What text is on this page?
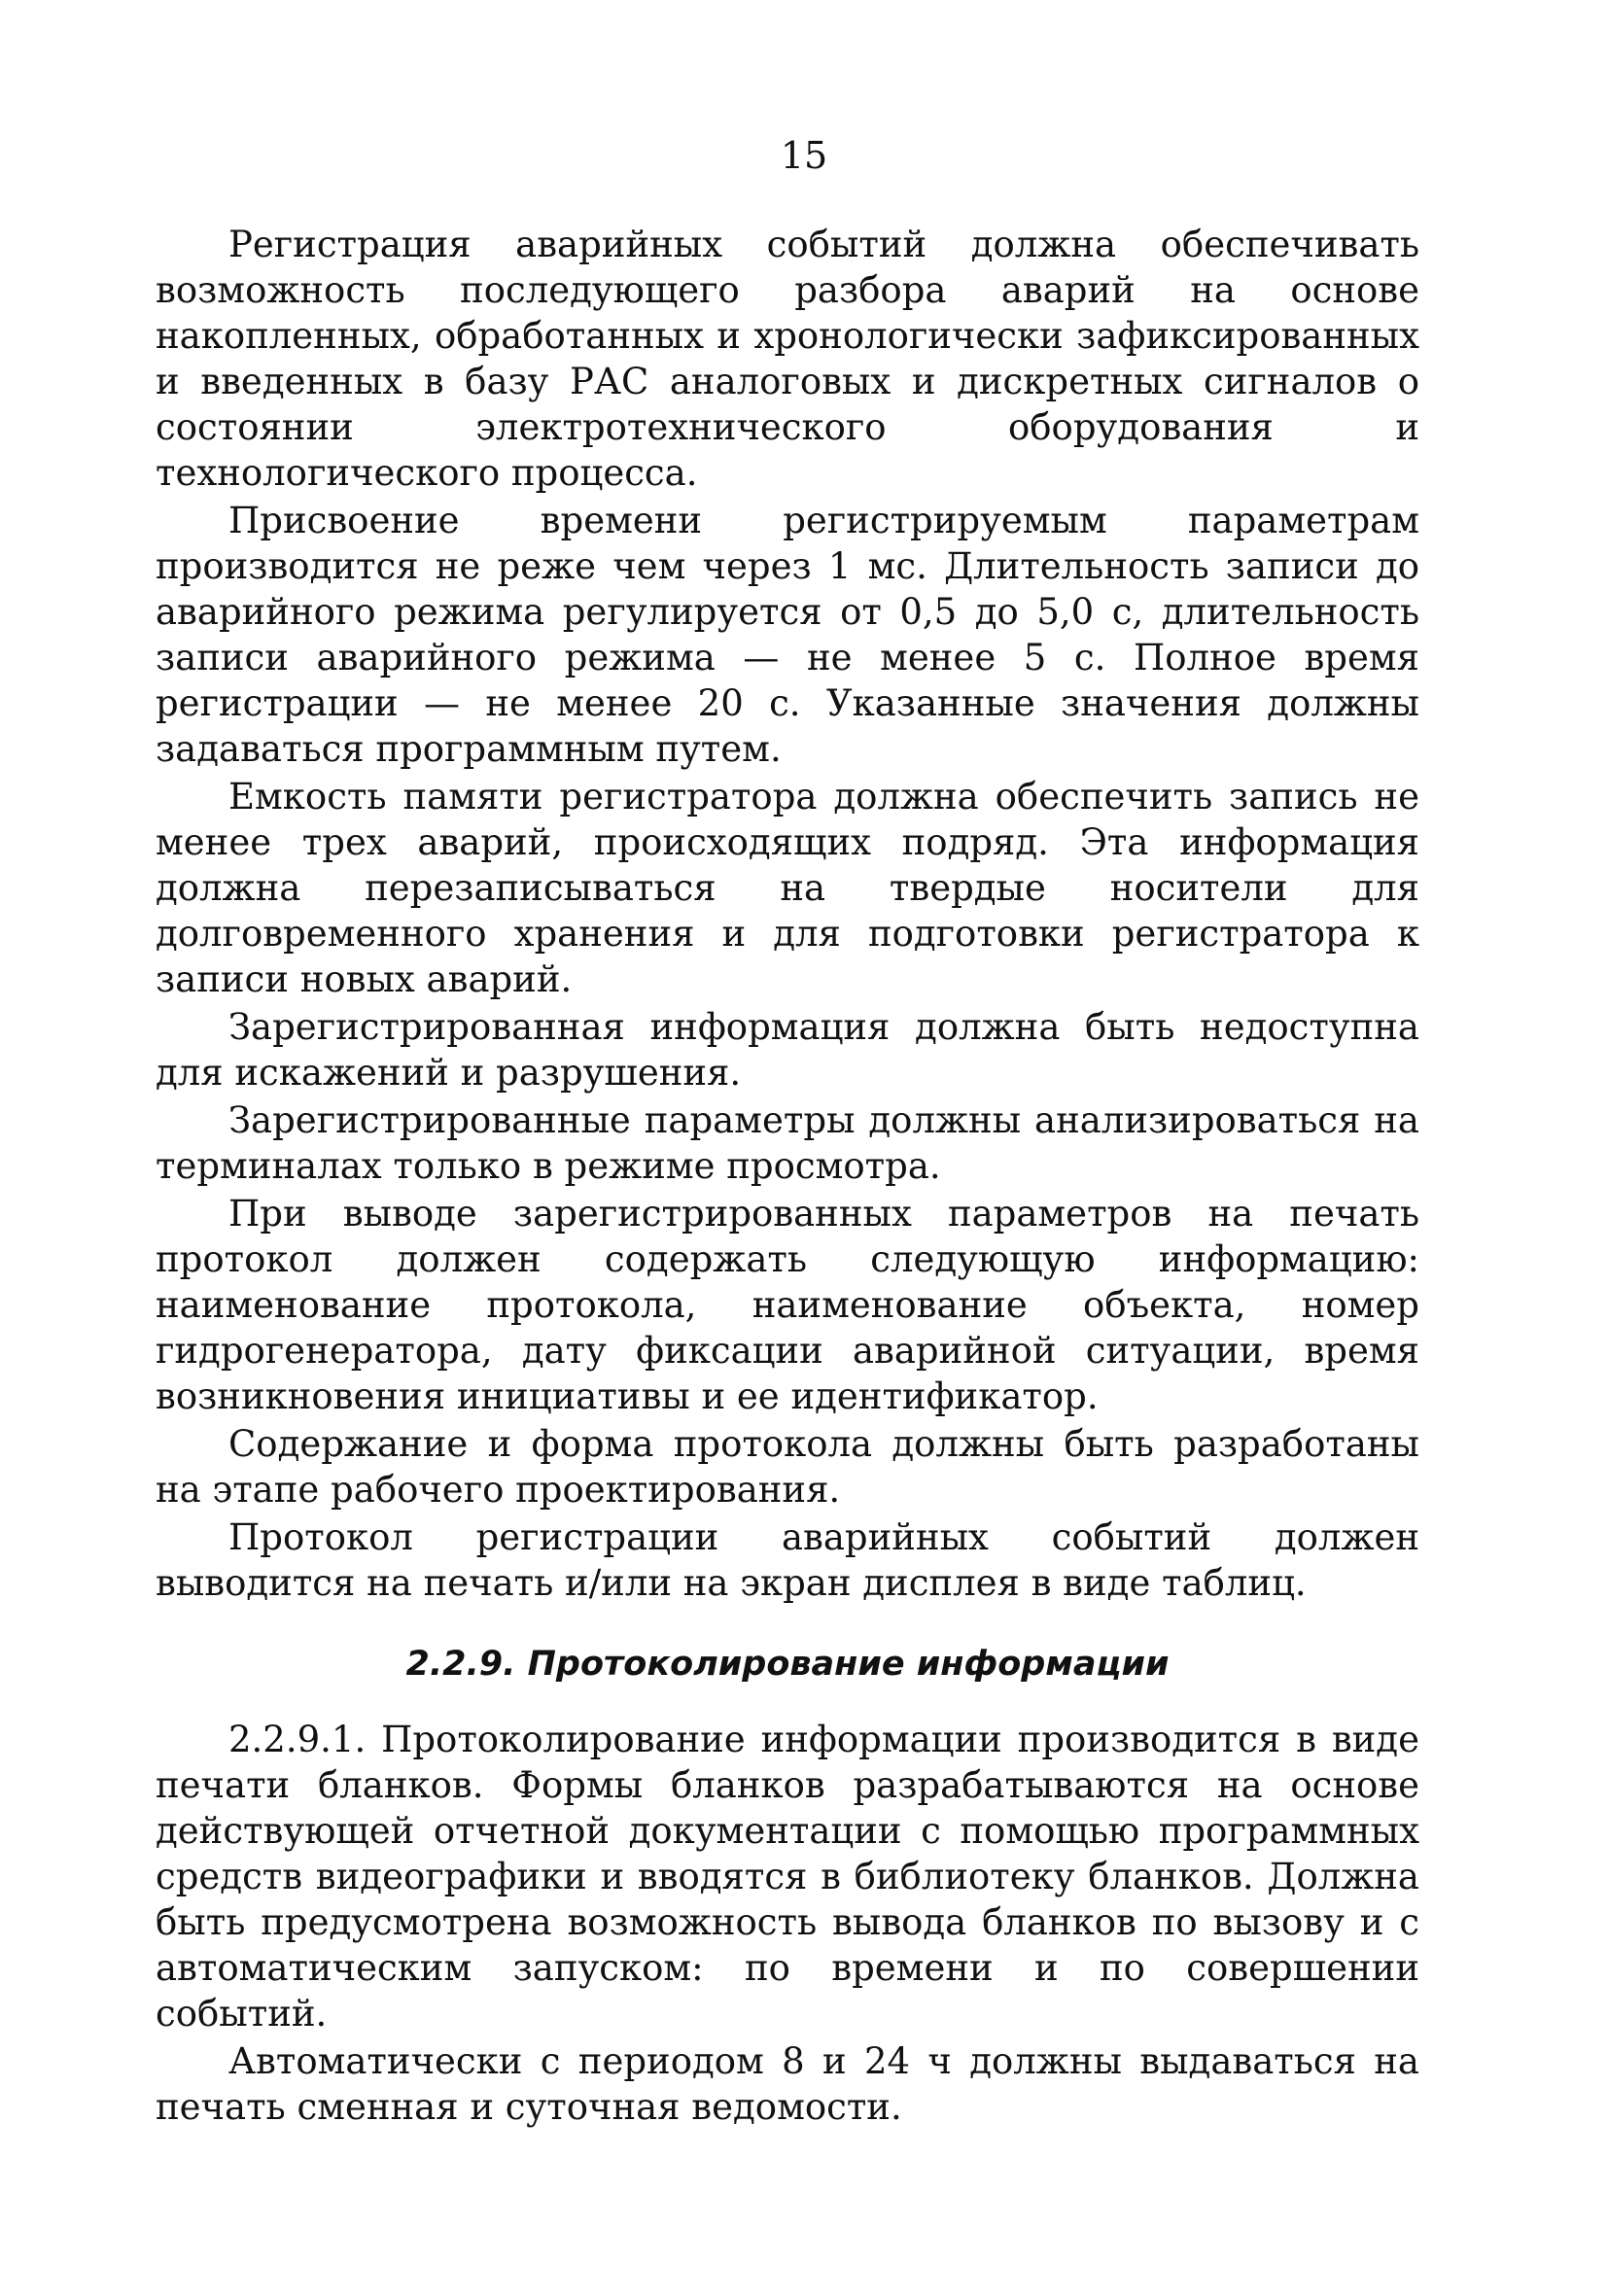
15

Регистрация аварийных событий должна обеспечивать возможность последующего разбора аварий на основе накопленных, обработанных и хронологически зафиксированных и введенных в базу РАС аналоговых и дискретных сигналов о состоянии электротехнического оборудования и технологического процесса.

Присвоение времени регистрируемым параметрам производится не реже чем через 1 мс. Длительность записи до аварийного режима регулируется от 0,5 до 5,0 с, длительность записи аварийного режима — не менее 5 с. Полное время регистрации — не менее 20 с. Указанные значения должны задаваться программным путем.

Емкость памяти регистратора должна обеспечить запись не менее трех аварий, происходящих подряд. Эта информация должна перезаписываться на твердые носители для долговременного хранения и для подготовки регистратора к записи новых аварий.

Зарегистрированная информация должна быть недоступна для искажений и разрушения.

Зарегистрированные параметры должны анализироваться на терминалах только в режиме просмотра.

При выводе зарегистрированных параметров на печать протокол должен содержать следующую информацию: наименование протокола, наименование объекта, номер гидрогенератора, дату фиксации аварийной ситуации, время возникновения инициативы и ее идентификатор.

Содержание и форма протокола должны быть разработаны на этапе рабочего проектирования.

Протокол регистрации аварийных событий должен выводится на печать и/или на экран дисплея в виде таблиц.

2.2.9. Протоколирование информации

2.2.9.1. Протоколирование информации производится в виде печати бланков. Формы бланков разрабатываются на основе действующей отчетной документации с помощью программных средств видеографики и вводятся в библиотеку бланков. Должна быть предусмотрена возможность вывода бланков по вызову и с автоматическим запуском: по времени и по совершении событий.

Автоматически с периодом 8 и 24 ч должны выдаваться на печать сменная и суточная ведомости.
